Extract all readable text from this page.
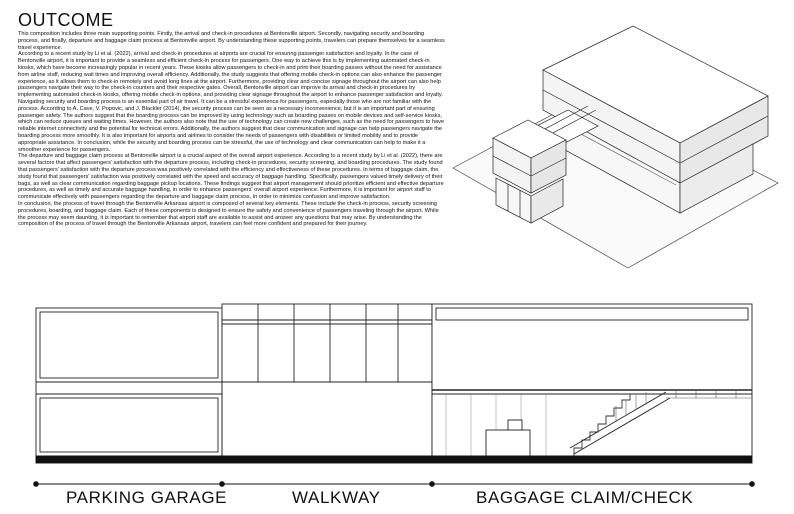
OUTCOME

This composition includes three main supporting points. Firstly, the arrival and check-in procedures at Bentonville airport. Secondly, navigating security and boarding process, and finally, departure and baggage claim process at Bentonville airport. By understanding these supporting points, travelers can prepare themselves for a seamless travel experience.

According to a recent study by Li et al. (2022), arrival and check-in procedures at airports are crucial for ensuring passenger satisfaction and loyalty. In the case of Bentonville airport, it is important to provide a seamless and efficient check-in process for passengers. One way to achieve this is by implementing automated check-in kiosks, which have become increasingly popular in recent years. These kiosks allow passengers to check-in and print their boarding passes without the need for assistance from airline staff, reducing wait times and improving overall efficiency. Additionally, the study suggests that offering mobile check-in options can also enhance the passenger experience, as it allows them to check-in remotely and avoid long lines at the airport. Furthermore, providing clear and concise signage throughout the airport can also help passengers navigate their way to the check-in counters and their respective gates. Overall, Bentonville airport can improve its arrival and check-in procedures by implementing automated check-in kiosks, offering mobile check-in options, and providing clear signage throughout the airport to enhance passenger satisfaction and loyalty.

Navigating security and boarding process is an essential part of air travel. It can be a stressful experience for passengers, especially those who are not familiar with the process. According to A. Cave, V. Popovic, and J. Blackler (2014), the security process can be seen as a necessary inconvenience, but it is an important part of ensuring passenger safety. The authors suggest that the boarding process can be improved by using technology such as boarding passes on mobile devices and self-service kiosks, which can reduce queues and waiting times. However, the authors also note that the use of technology can create new challenges, such as the need for passengers to have reliable internet connectivity and the potential for technical errors. Additionally, the authors suggest that clear communication and signage can help passengers navigate the boarding process more smoothly. It is also important for airports and airlines to consider the needs of passengers with disabilities or limited mobility and to provide appropriate assistance. In conclusion, while the security and boarding process can be stressful, the use of technology and clear communication can help to make it a smoother experience for passengers.

The departure and baggage claim process at Bentonville airport is a crucial aspect of the overall airport experience. According to a recent study by Li et al. (2022), there are several factors that affect passengers' satisfaction with the departure process, including check-in procedures, security screening, and boarding procedures. The study found that passengers' satisfaction with the departure process was positively correlated with the efficiency and effectiveness of these procedures. In terms of baggage claim, the study found that passengers' satisfaction was positively correlated with the speed and accuracy of baggage handling. Specifically, passengers valued timely delivery of their bags, as well as clear communication regarding baggage pickup locations. These findings suggest that airport management should prioritize efficient and effective departure procedures, as well as timely and accurate baggage handling, in order to enhance passengers' overall airport experience. Furthermore, it is important for airport staff to communicate effectively with passengers regarding the departure and baggage claim process, in order to minimize confusion and improve satisfaction.

In conclusion, the process of travel through the Bentonville Arkansas airport is composed of several key elements. These include the check-in process, security screening procedures, boarding, and baggage claim. Each of these components is designed to ensure the safety and convenience of passengers traveling through the airport. While the process may seem daunting, it is important to remember that airport staff are available to assist and answer any questions that may arise. By understanding the composition of the process of travel through the Bentonville Arkansas airport, travelers can feel more confident and prepared for their journey.

PARKING GARAGE	WALKWAY	BAGGAGE CLAIM/CHECK
